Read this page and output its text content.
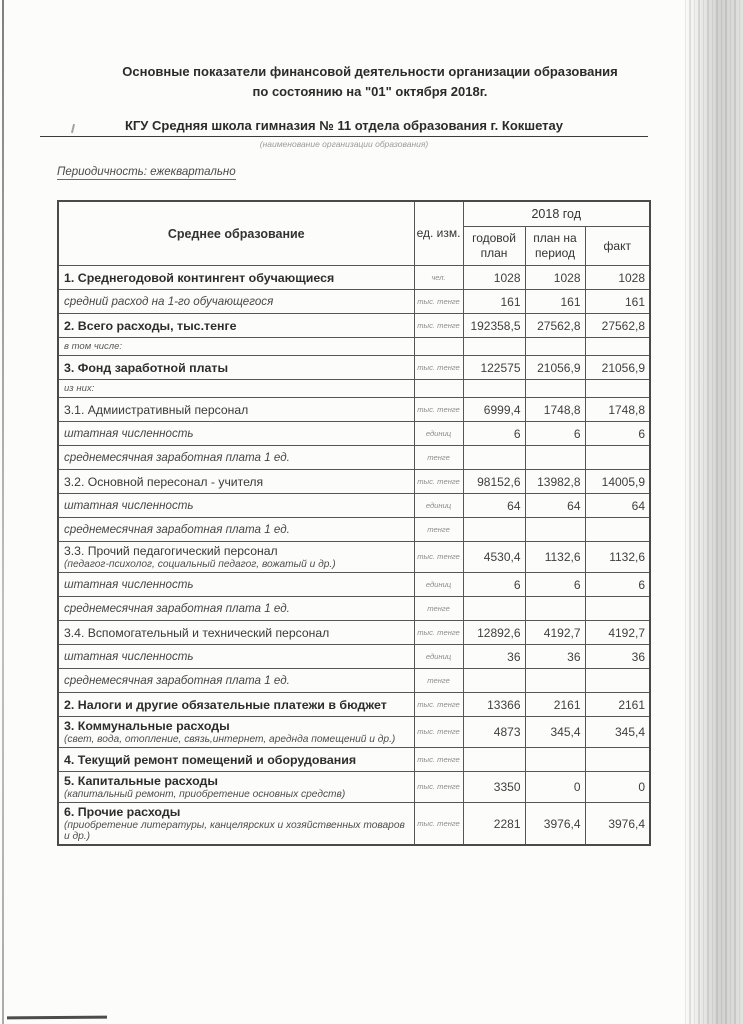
Основные показатели финансовой деятельности организации образования
по состоянию на "01" октября 2018г.
КГУ Средняя школа гимназия № 11 отдела образования г. Кокшетау
(наименование организации образования)
Периодичность: ежеквартально
Среднее образование	ед. изм.	2018 год		
		годовой план	план на период	факт

1. Среднегодовой контингент обучающиеся	чел.	1028	1028	1028

средний расход на 1-го обучающегося	тыс. тенге	161	161	161

2. Всего расходы, тыс.тенге	тыс. тенге	192358,5	27562,8	27562,8

в том числе:				

3. Фонд заработной платы	тыс. тенге	122575	21056,9	21056,9

из них:				

3.1. Адмиистративный персонал	тыс. тенге	6999,4	1748,8	1748,8

штатная численность	единиц	6	6	6

среднемесячная заработная плата 1 ед.	тенге			

3.2. Основной пересонал - учителя	тыс. тенге	98152,6	13982,8	14005,9

штатная численность	единиц	64	64	64

среднемесячная заработная плата 1 ед.	тенге			

3.3. Прочий педагогический персонал
(педагог-психолог, социальный педагог, вожатый и др.)	тыс. тенге	4530,4	1132,6	1132,6

штатная численность	единиц	6	6	6

среднемесячная заработная плата 1 ед.	тенге			

3.4. Вспомогательный и технический персонал	тыс. тенге	12892,6	4192,7	4192,7

штатная численность	единиц	36	36	36

среднемесячная заработная плата 1 ед.	тенге			

2. Налоги и другие обязательные платежи в бюджет	тыс. тенге	13366	2161	2161

3. Коммунальные расходы
(свет, вода, отопление, связь,интернет, ареднда помещений и др.)	тыс. тенге	4873	345,4	345,4

4. Текущий ремонт помещений и оборудования	тыс. тенге			

5. Капитальные расходы
(капитальный ремонт, приобретение основных средств)	тыс. тенге	3350	0	0

6. Прочие расходы
(приобретение литературы, канцелярских и хозяйственных товаров и др.)	тыс. тенге	2281	3976,4	3976,4
